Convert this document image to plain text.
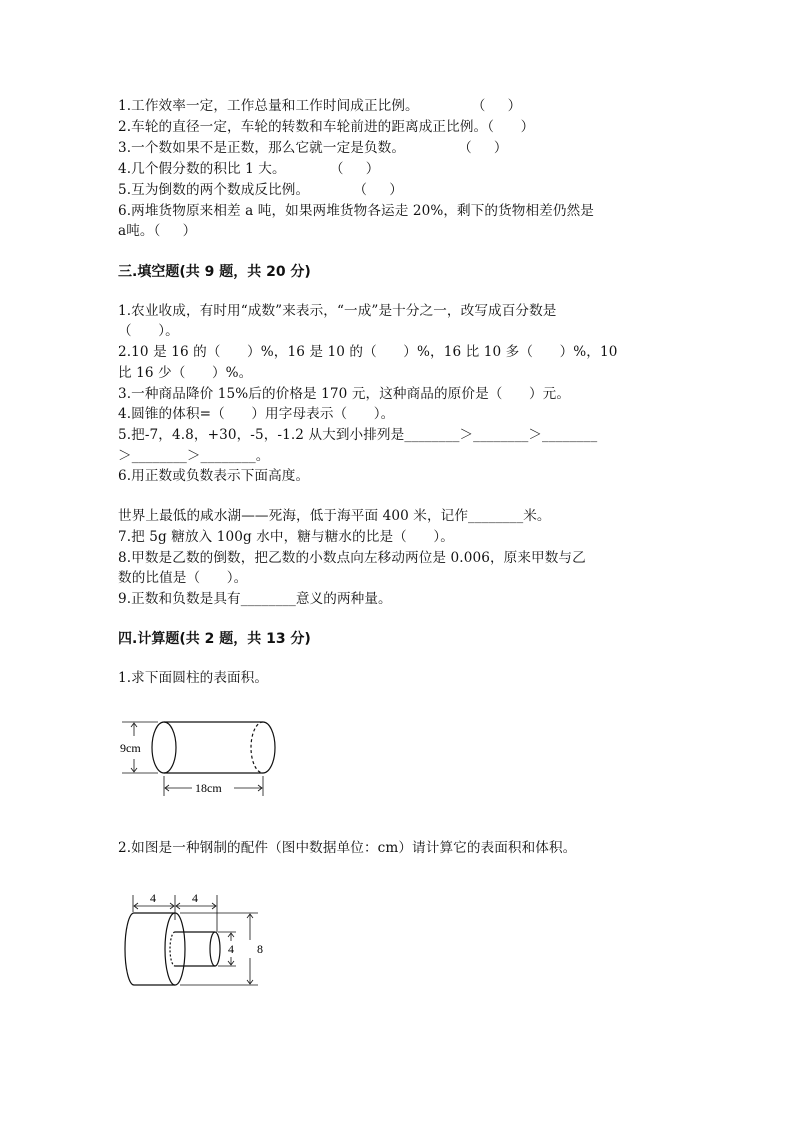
1.工作效率一定，工作总量和工作时间成正比例。            （     ）
2.车轮的直径一定，车轮的转数和车轮前进的距离成正比例。（      ）
3.一个数如果不是正数，那么它就一定是负数。            （     ）
4.几个假分数的积比 1 大。          （     ）
5.互为倒数的两个数成反比例。          （     ）
6.两堆货物原来相差 a 吨，如果两堆货物各运走 20%，剩下的货物相差仍然是
a吨。（     ）
三.填空题(共 9 题，共 20 分)
1.农业收成，有时用“成数”来表示，“一成”是十分之一，改写成百分数是
（      ）。
2.10 是 16 的（      ）%，16 是 10 的（      ）%，16 比 10 多（      ）%，10
比 16 少（      ）%。
3.一种商品降价 15%后的价格是 170 元，这种商品的原价是（      ）元。
4.圆锥的体积=（      ）用字母表示（      ）。
5.把-7，4.8，+30，-5，-1.2 从大到小排列是________＞________＞________
＞________＞________。
6.用正数或负数表示下面高度。
世界上最低的咸水湖——死海，低于海平面 400 米，记作________米。
7.把 5g 糖放入 100g 水中，糖与糖水的比是（      ）。
8.甲数是乙数的倒数，把乙数的小数点向左移动两位是 0.006，原来甲数与乙
数的比值是（      ）。
9.正数和负数是具有________意义的两种量。
四.计算题(共 2 题，共 13 分)
1.求下面圆柱的表面积。
9cm
18cm
2.如图是一种钢制的配件（图中数据单位：cm）请计算它的表面积和体积。
4	4
4 8
